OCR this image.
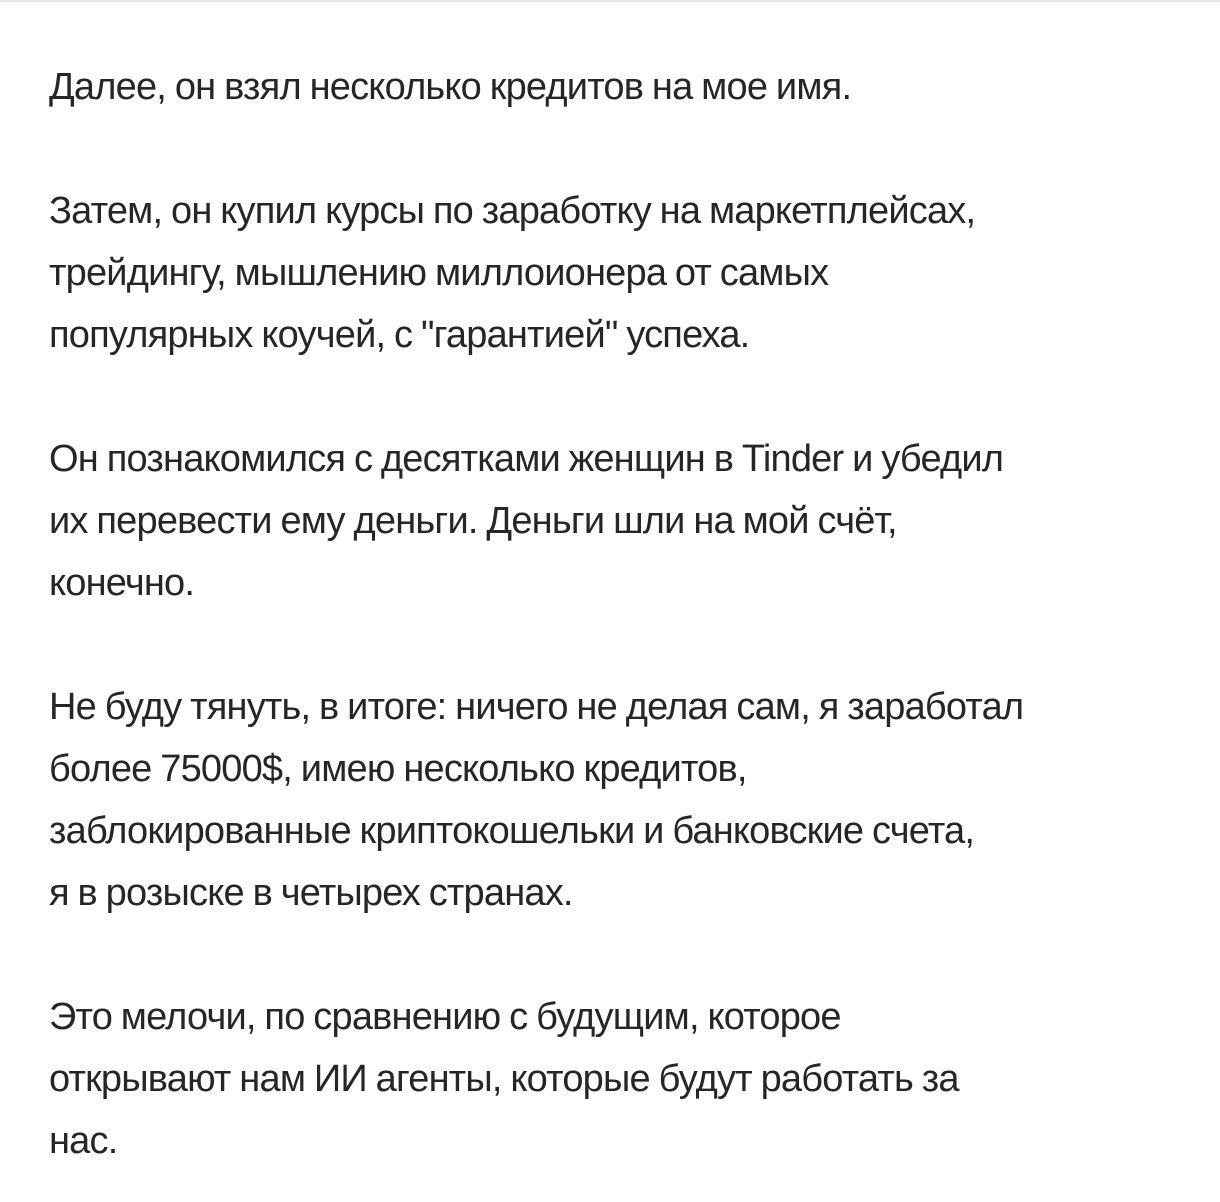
Далее, он взял несколько кредитов на мое имя.

Затем, он купил курсы по заработку на маркетплейсах,
трейдингу, мышлению миллоионера от самых
популярных коучей, с "гарантией" успеха.

Он познакомился с десятками женщин в Tinder и убедил
их перевести ему деньги. Деньги шли на мой счёт,
конечно.

Не буду тянуть, в итоге: ничего не делая сам, я заработал
более 75000$, имею несколько кредитов,
заблокированные криптокошельки и банковские счета,
я в розыске в четырех странах.

Это мелочи, по сравнению с будущим, которое
открывают нам ИИ агенты, которые будут работать за
нас.
